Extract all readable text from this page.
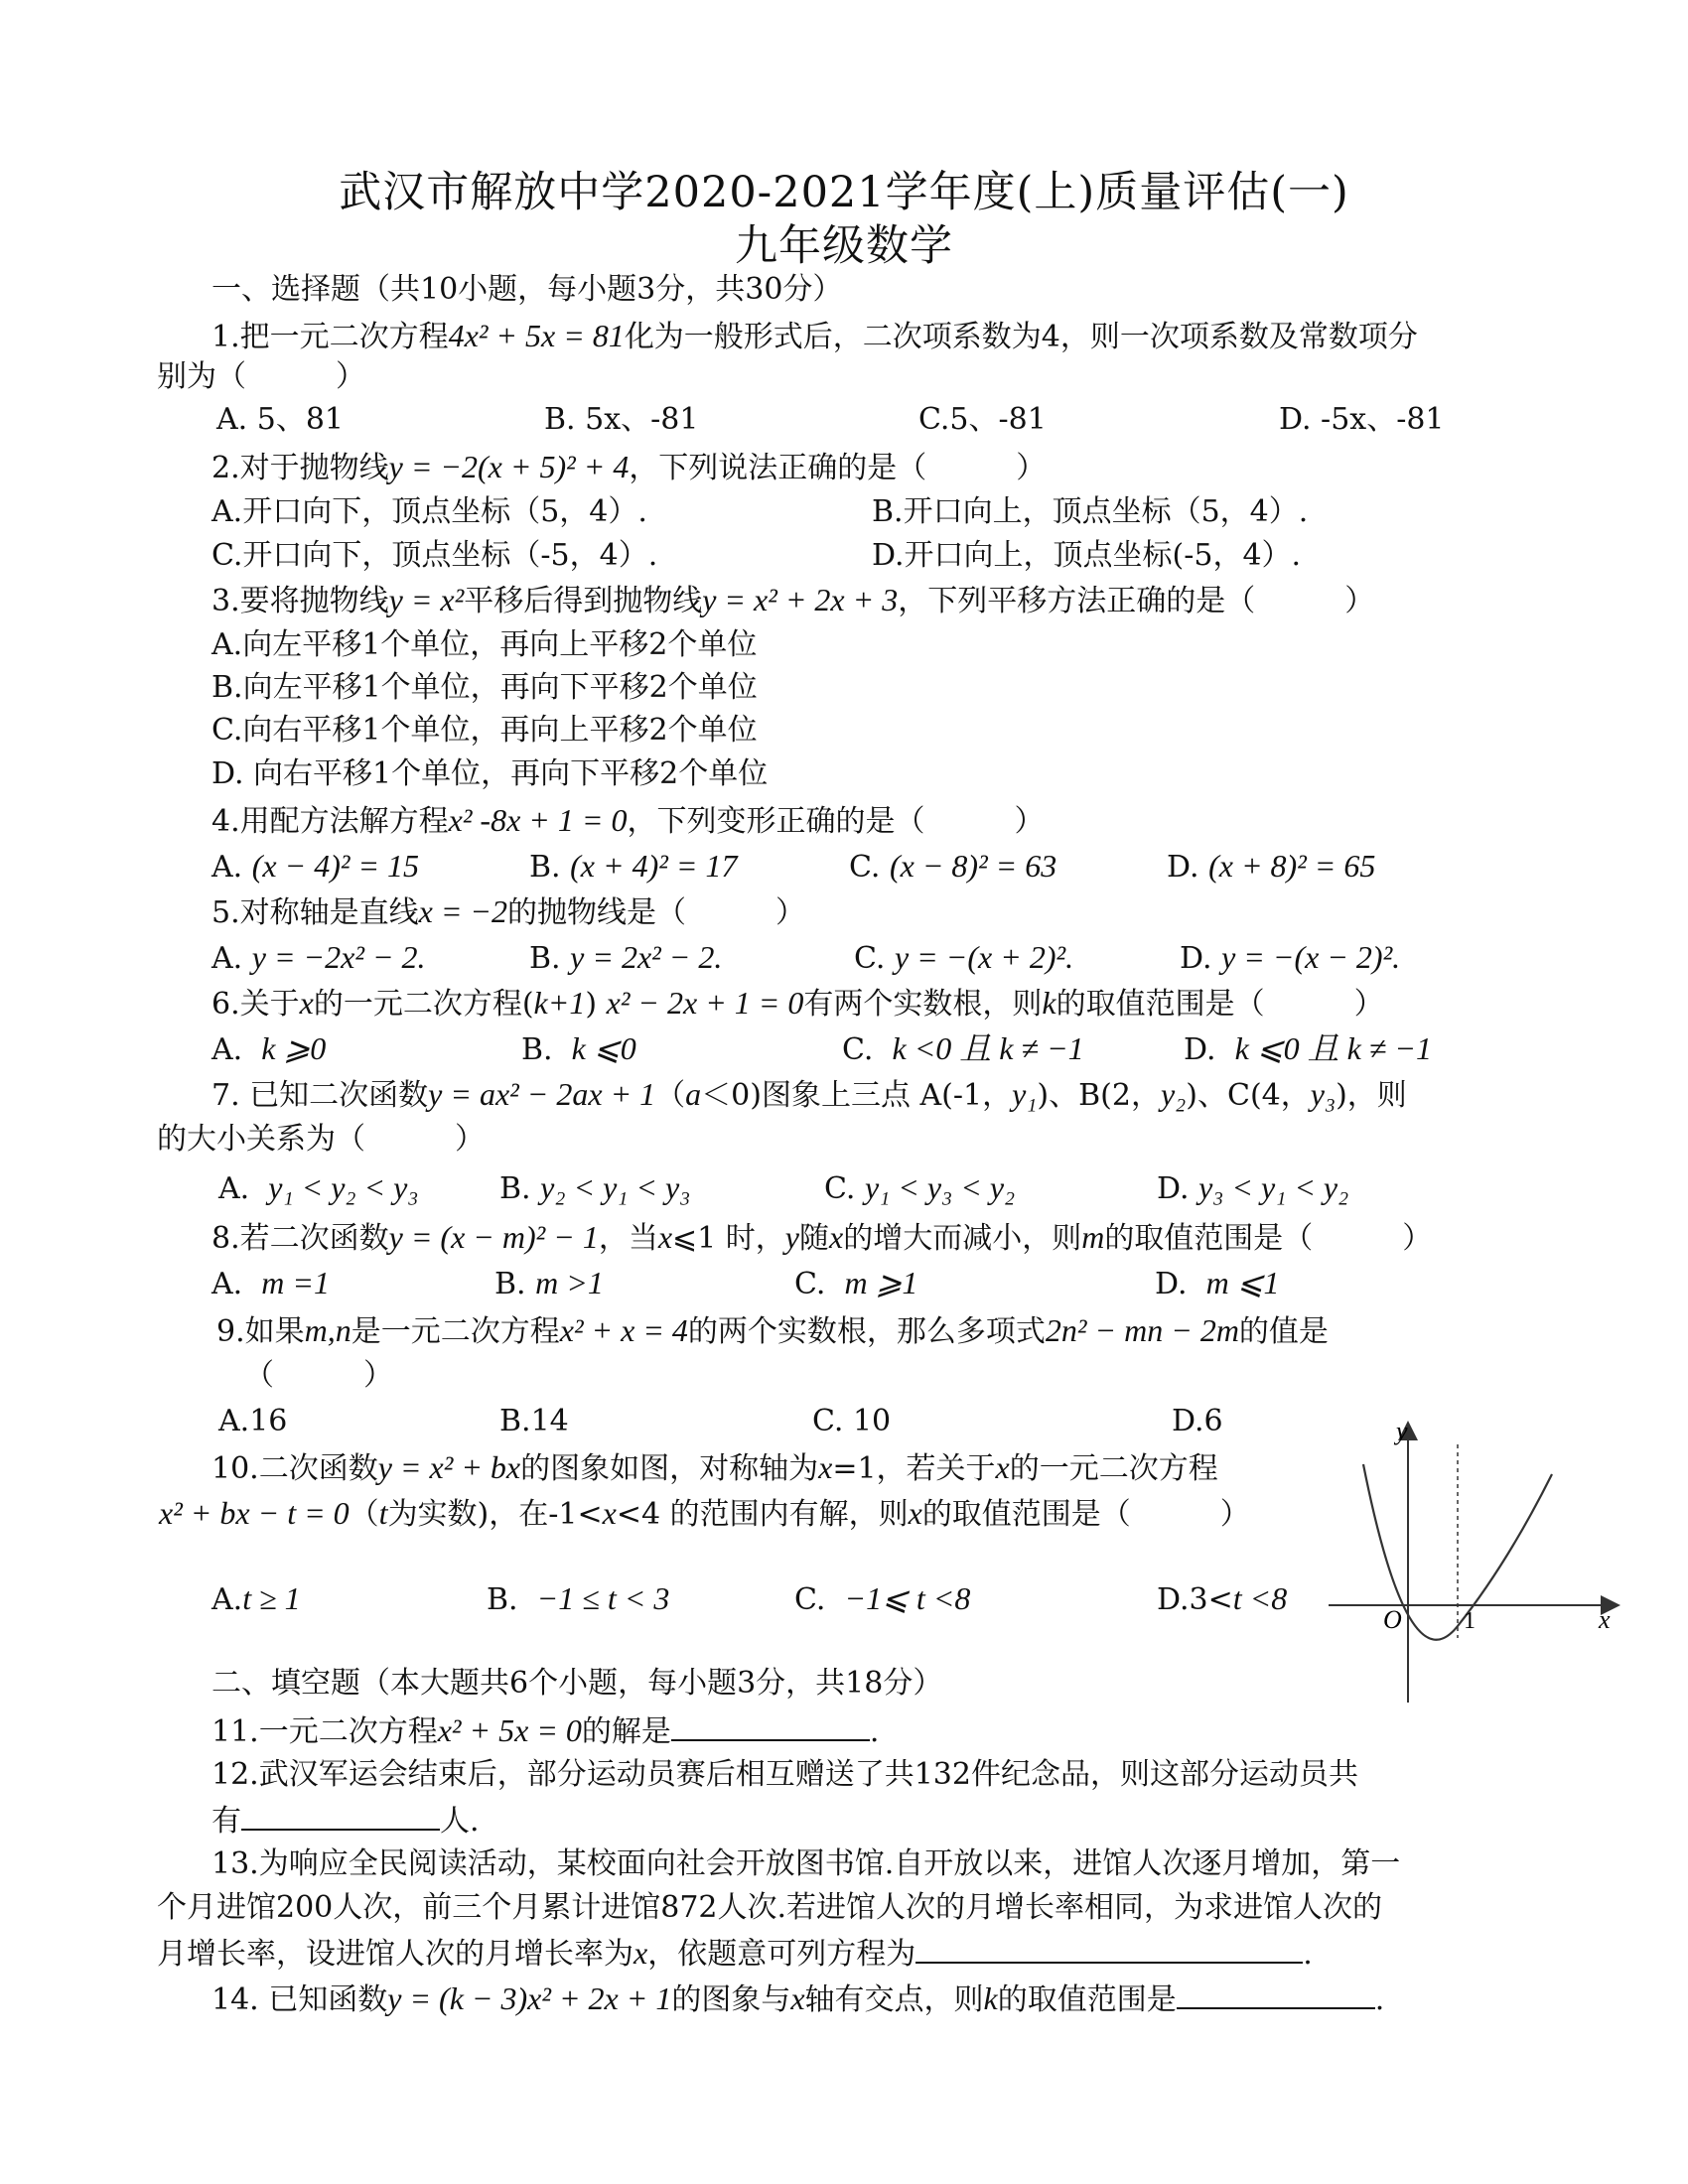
武汉市解放中学2020-2021学年度(上)质量评估(一)
九年级数学
一、选择题（共10小题，每小题3分，共30分）
1.把一元二次方程4x² + 5x = 81化为一般形式后，二次项系数为4，则一次项系数及常数项分
别为（　　　）
A. 5、81	B. 5x、-81	C.5、-81	D. -5x、-81
2.对于抛物线y = −2(x + 5)² + 4，下列说法正确的是（　　　）
A.开口向下，顶点坐标（5，4）.	B.开口向上，顶点坐标（5，4）.
C.开口向下，顶点坐标（-5，4）.	D.开口向上，顶点坐标(-5，4）.
3.要将抛物线y = x²平移后得到抛物线y = x² + 2x + 3，下列平移方法正确的是（　　　）
A.向左平移1个单位，再向上平移2个单位
B.向左平移1个单位，再向下平移2个单位
C.向右平移1个单位，再向上平移2个单位
D. 向右平移1个单位，再向下平移2个单位
4.用配方法解方程x² -8x + 1 = 0，下列变形正确的是（　　　）
A. (x − 4)² = 15	B. (x + 4)² = 17	C. (x − 8)² = 63	D. (x + 8)² = 65
5.对称轴是直线x = −2的抛物线是（　　　）
A. y = −2x² − 2.	B. y = 2x² − 2.	C. y = −(x + 2)².	D. y = −(x − 2)².
6.关于x的一元二次方程(k+1) x² − 2x + 1 = 0有两个实数根，则k的取值范围是（　　　）
A. k ⩾0	B. k ⩽0	C. k <0 且 k ≠ −1	D. k ⩽0 且 k ≠ −1
7. 已知二次函数y = ax² − 2ax + 1（a＜0)图象上三点 A(-1，y₁)、B(2，y₂)、C(4，y₃)，则
的大小关系为（　　　）
A. y₁ < y₂ < y₃	B. y₂ < y₁ < y₃	C. y₁ < y₃ < y₂	D. y₃ < y₁ < y₂
8.若二次函数y = (x − m)² − 1，当x⩽1 时，y随x的增大而减小，则m的取值范围是（　　　）
A. m =1	B. m >1	C. m ⩾1	D. m ⩽1
9.如果m,n是一元二次方程x² + x = 4的两个实数根，那么多项式2n² − mn − 2m的值是
（　　　）
A.16	B.14	C. 10	D.6
10.二次函数y = x² + bx的图象如图，对称轴为x=1，若关于x的一元二次方程
x² + bx − t = 0（t为实数)，在-1<x<4 的范围内有解，则x的取值范围是（　　　）
A.t ≥ 1	B. −1 ≤ t < 3	C. −1⩽ t <8	D.3<t <8
y
x
O	1
二、填空题（本大题共6个小题，每小题3分，共18分）
11.一元二次方程x² + 5x = 0的解是	.
12.武汉军运会结束后，部分运动员赛后相互赠送了共132件纪念品，则这部分运动员共
有	人.
13.为响应全民阅读活动，某校面向社会开放图书馆.自开放以来，进馆人次逐月增加，第一
个月进馆200人次，前三个月累计进馆872人次.若进馆人次的月增长率相同，为求进馆人次的
月增长率，设进馆人次的月增长率为x，依题意可列方程为	.
14. 已知函数y = (k − 3)x² + 2x + 1的图象与x轴有交点，则k的取值范围是	.
